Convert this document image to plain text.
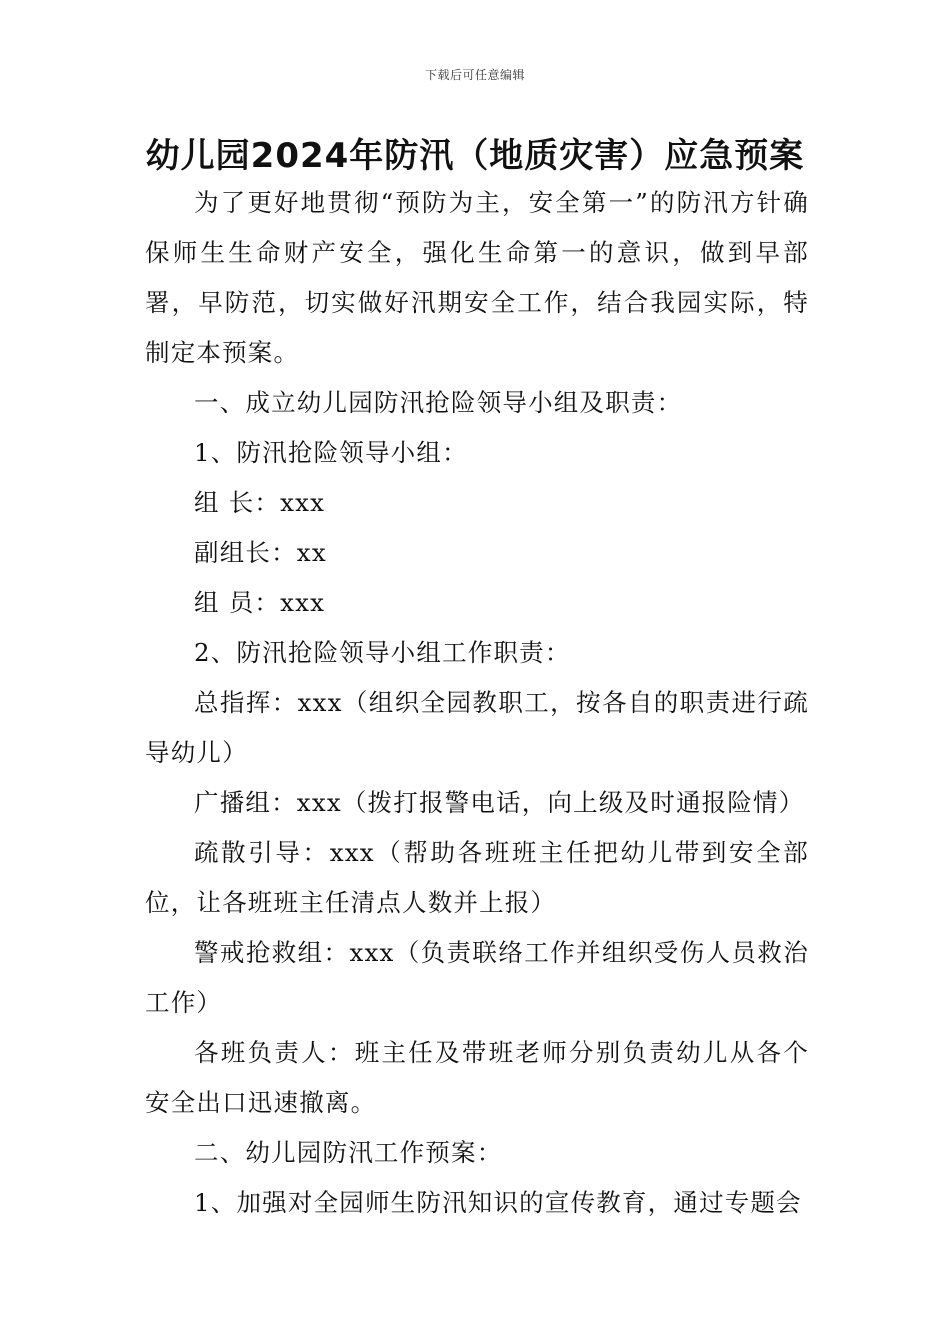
下载后可任意编辑
幼儿园2024年防汛（地质灾害）应急预案

为了更好地贯彻“预防为主，安全第一”的防汛方针确保师生生命财产安全，强化生命第一的意识，做到早部署，早防范，切实做好汛期安全工作，结合我园实际，特制定本预案。

一、成立幼儿园防汛抢险领导小组及职责：

1、防汛抢险领导小组：

组 长：xxx

副组长：xx

组 员：xxx

2、防汛抢险领导小组工作职责：

总指挥：xxx（组织全园教职工，按各自的职责进行疏导幼儿）

广播组：xxx（拨打报警电话，向上级及时通报险情）

疏散引导：xxx（帮助各班班主任把幼儿带到安全部位，让各班班主任清点人数并上报）

警戒抢救组：xxx（负责联络工作并组织受伤人员救治工作）

各班负责人：班主任及带班老师分别负责幼儿从各个安全出口迅速撤离。

二、幼儿园防汛工作预案：

1、加强对全园师生防汛知识的宣传教育，通过专题会
